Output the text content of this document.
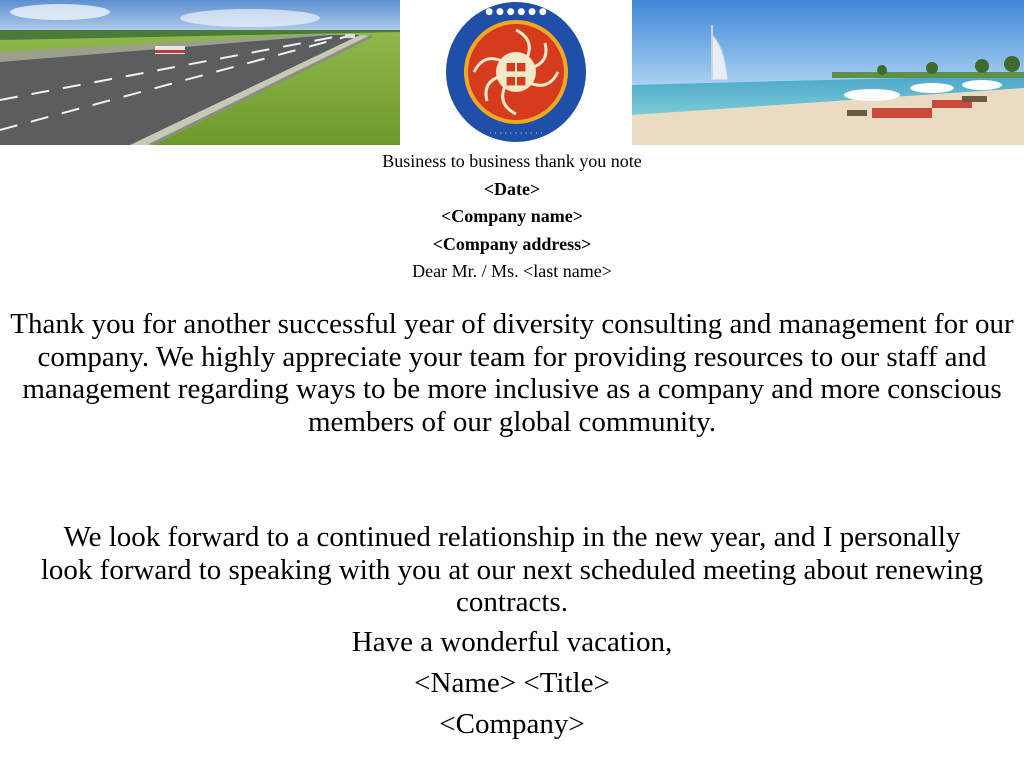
■■
■■
● ● ● ● ● ●
· · · · · · · · · · ·
Business to business thank you note
<Date>
<Company name>
<Company address>
Dear Mr. / Ms. <last name>
Thank you for another successful year of diversity consulting and management for our company. We highly appreciate your team for providing resources to our staff and management regarding ways to be more inclusive as a company and more conscious members of our global community.
We look forward to a continued relationship in the new year, and I personally look forward to speaking with you at our next scheduled meeting about renewing contracts.
Have a wonderful vacation,
<Name> <Title>
<Company>
